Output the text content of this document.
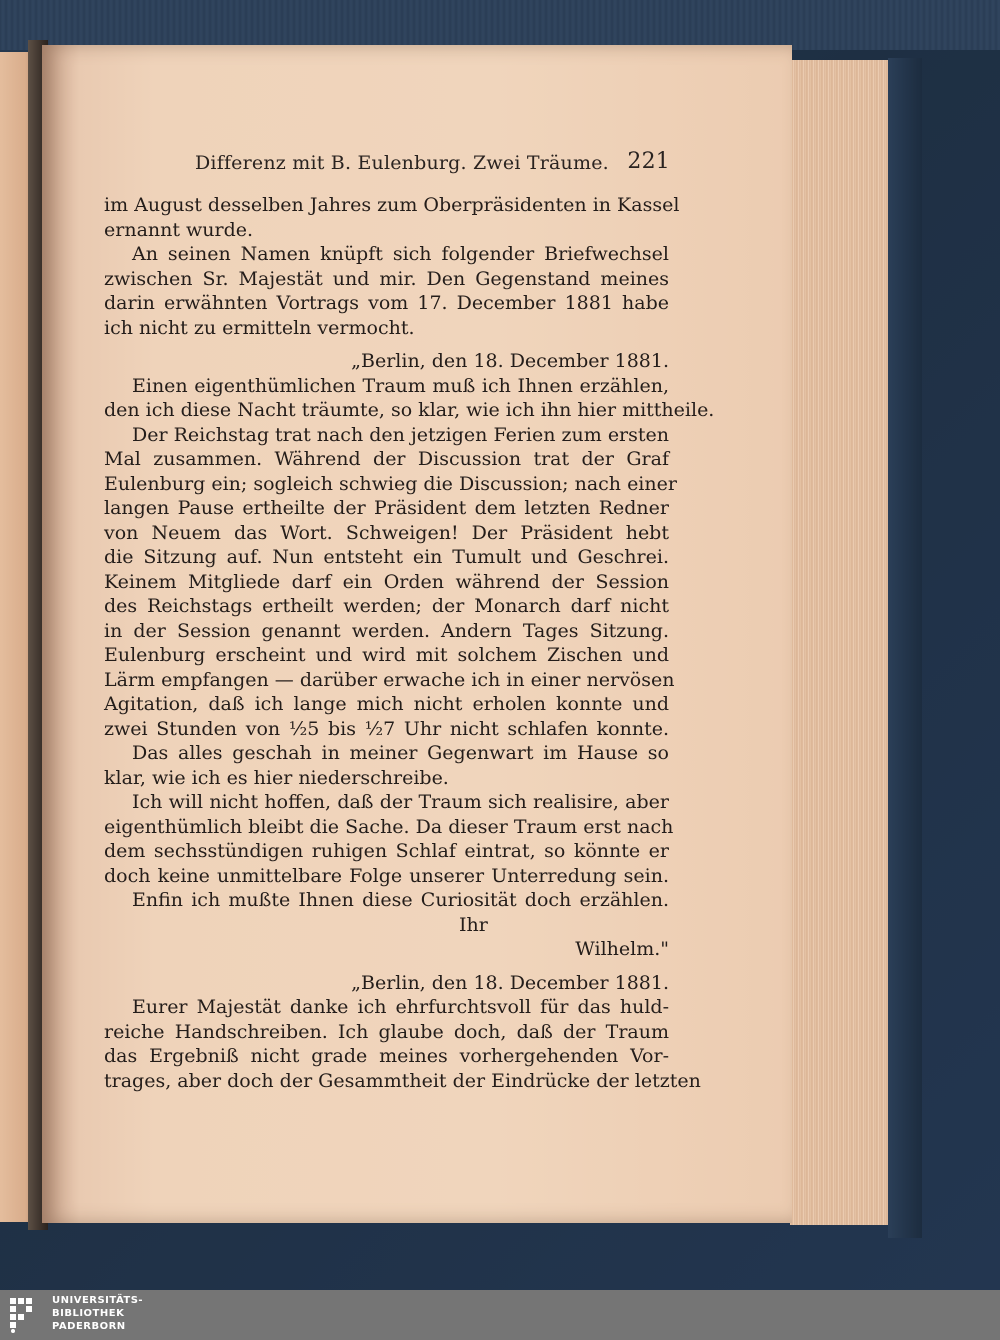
Differenz mit B. Eulenburg. Zwei Träume. 221
im August desselben Jahres zum Oberpräsidenten in Kassel
ernannt wurde.
An seinen Namen knüpft sich folgender Briefwechsel
zwischen Sr. Majestät und mir. Den Gegenstand meines
darin erwähnten Vortrags vom 17. December 1881 habe
ich nicht zu ermitteln vermocht.
„Berlin, den 18. December 1881.
Einen eigenthümlichen Traum muß ich Ihnen erzählen,
den ich diese Nacht träumte, so klar, wie ich ihn hier mittheile.
Der Reichstag trat nach den jetzigen Ferien zum ersten
Mal zusammen. Während der Discussion trat der Graf
Eulenburg ein; sogleich schwieg die Discussion; nach einer
langen Pause ertheilte der Präsident dem letzten Redner
von Neuem das Wort. Schweigen! Der Präsident hebt
die Sitzung auf. Nun entsteht ein Tumult und Geschrei.
Keinem Mitgliede darf ein Orden während der Session
des Reichstags ertheilt werden; der Monarch darf nicht
in der Session genannt werden. Andern Tages Sitzung.
Eulenburg erscheint und wird mit solchem Zischen und
Lärm empfangen — darüber erwache ich in einer nervösen
Agitation, daß ich lange mich nicht erholen konnte und
zwei Stunden von ½5 bis ½7 Uhr nicht schlafen konnte.
Das alles geschah in meiner Gegenwart im Hause so
klar, wie ich es hier niederschreibe.
Ich will nicht hoffen, daß der Traum sich realisire, aber
eigenthümlich bleibt die Sache. Da dieser Traum erst nach
dem sechsstündigen ruhigen Schlaf eintrat, so könnte er
doch keine unmittelbare Folge unserer Unterredung sein.
Enfin ich mußte Ihnen diese Curiosität doch erzählen.
Ihr
Wilhelm."
„Berlin, den 18. December 1881.
Eurer Majestät danke ich ehrfurchtsvoll für das huld-
reiche Handschreiben. Ich glaube doch, daß der Traum
das Ergebniß nicht grade meines vorhergehenden Vor-
trages, aber doch der Gesammtheit der Eindrücke der letzten
UNIVERSITÄTS-
BIBLIOTHEK
PADERBORN
